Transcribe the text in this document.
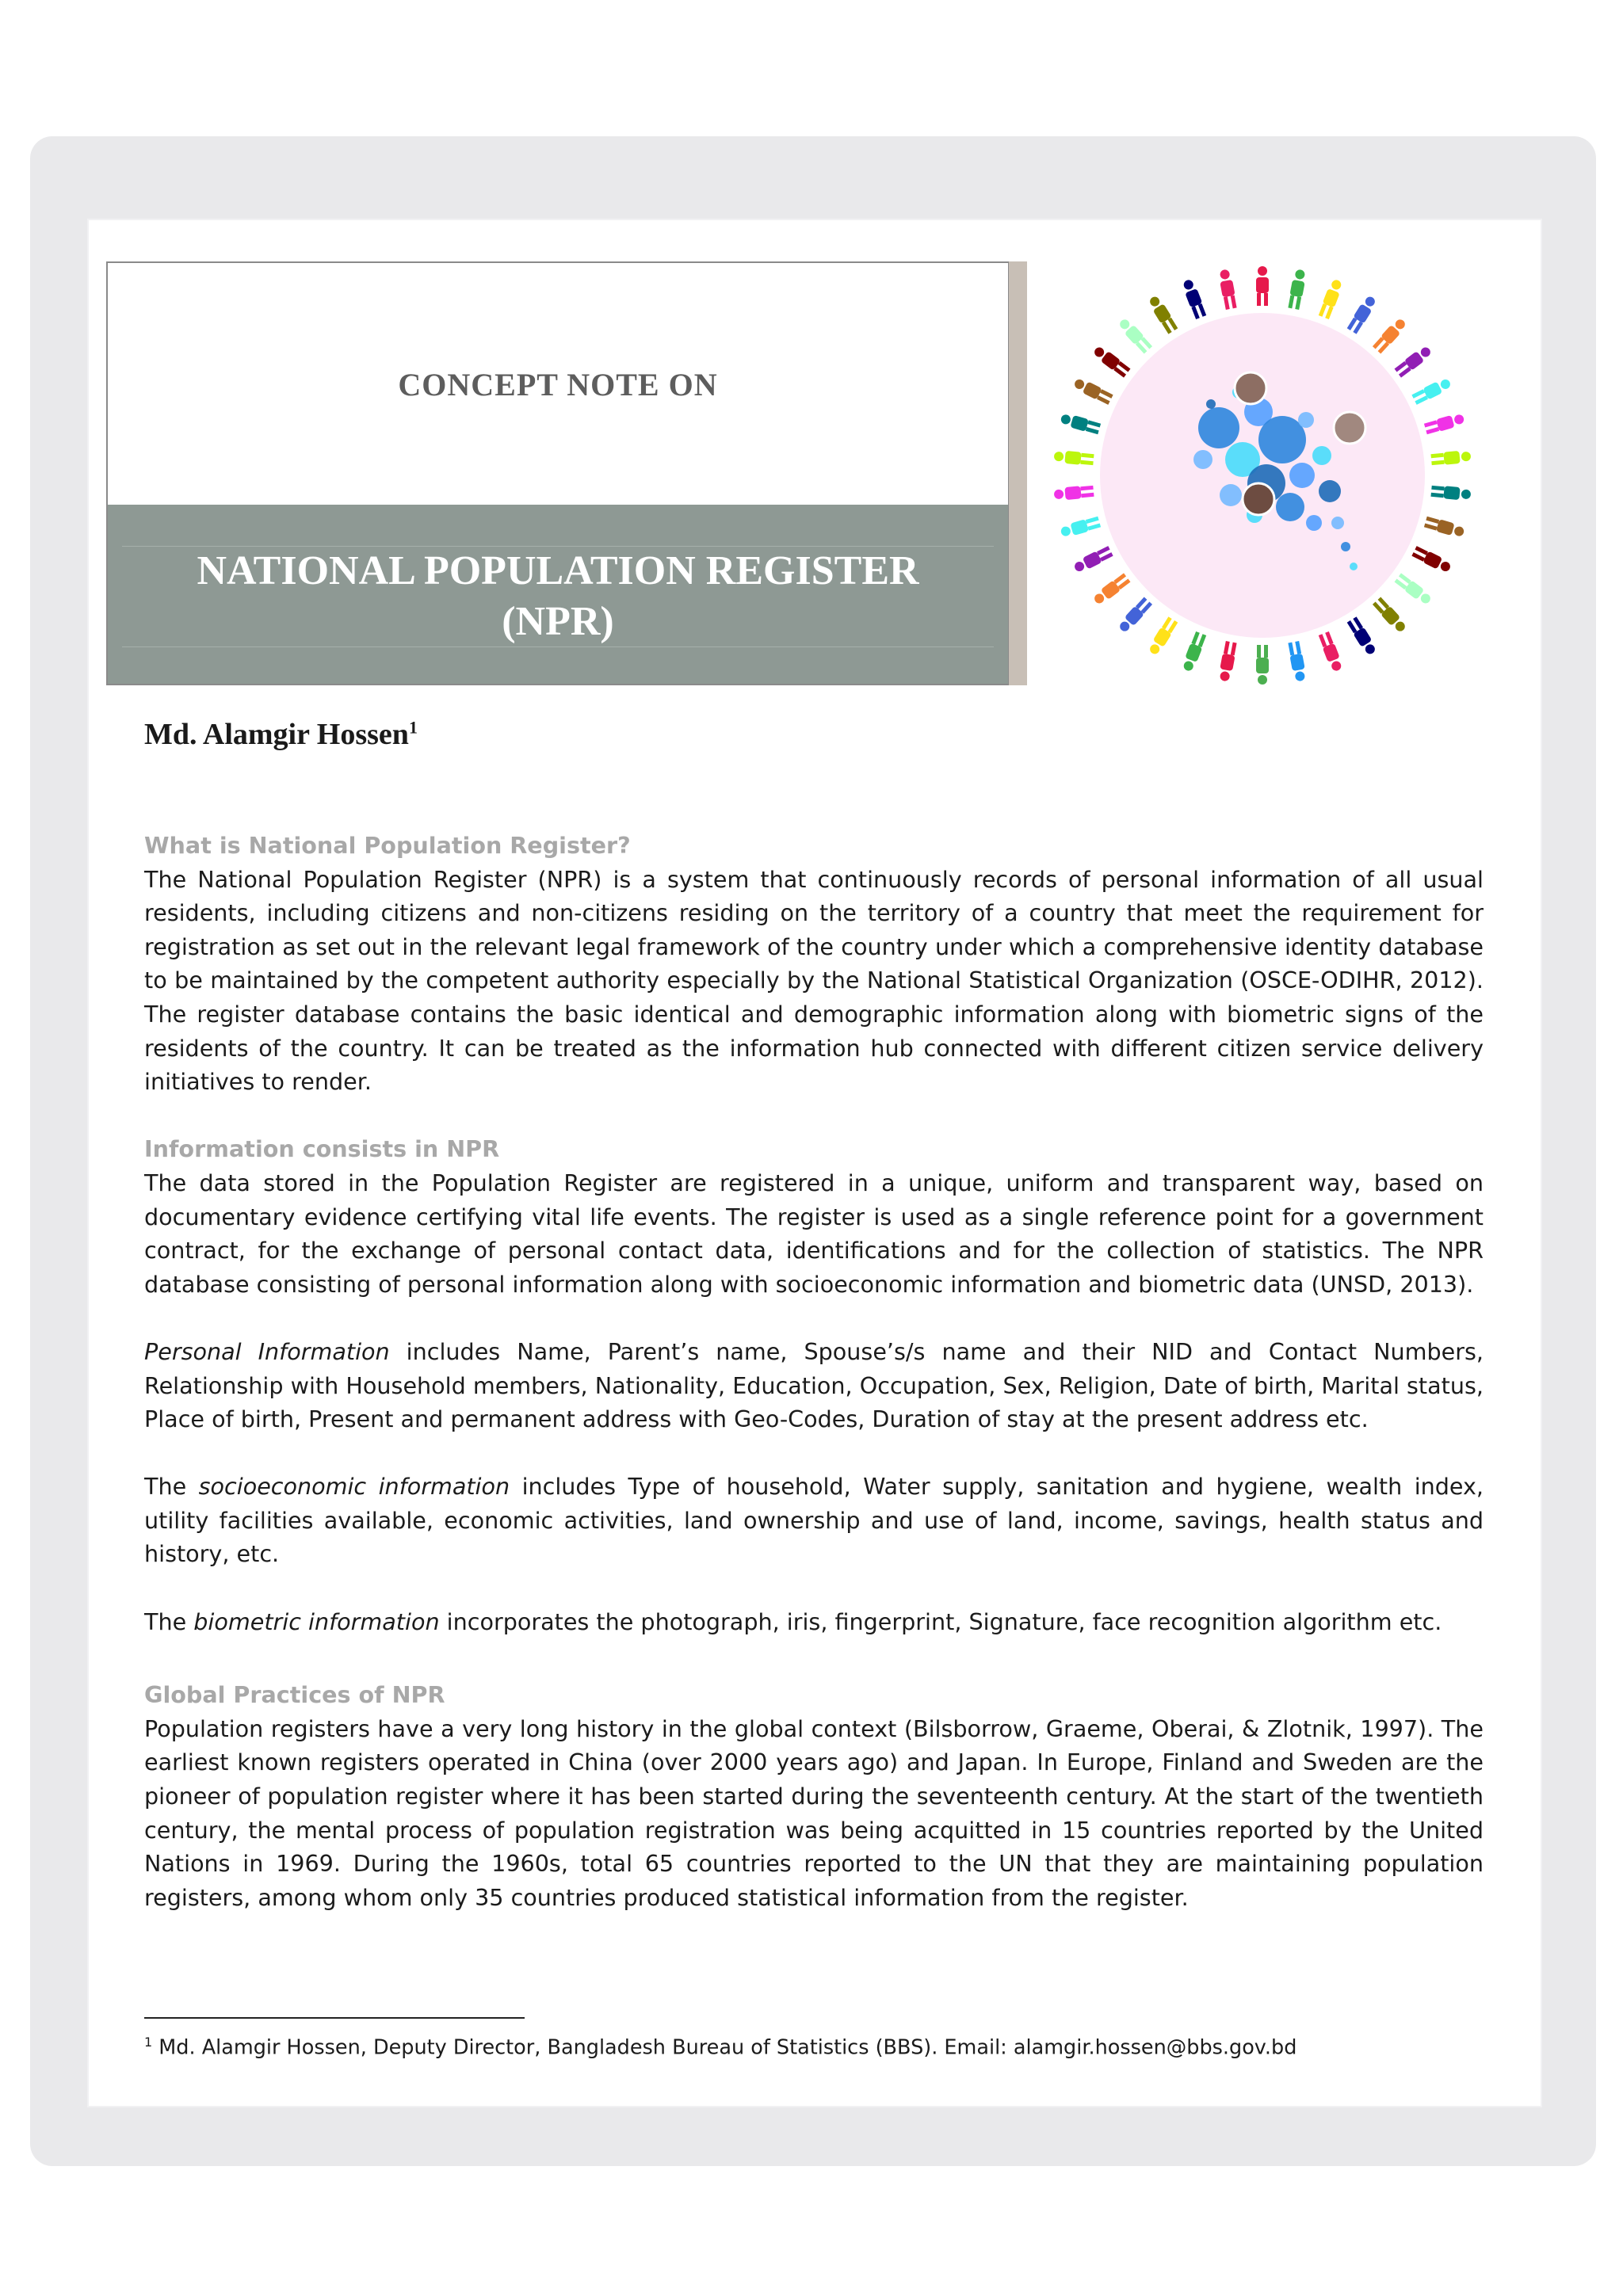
CONCEPT NOTE ON
NATIONAL POPULATION REGISTER
(NPR)
Md. Alamgir Hossen$^1$
What is National Population Register?

The National Population Register (NPR) is a system that continuously records of personal information of all usual residents, including citizens and non-citizens residing on the territory of a country that meet the requirement for registration as set out in the relevant legal framework of the country under which a comprehensive identity database to be maintained by the competent authority especially by the National Statistical Organization (OSCE-ODIHR, 2012). The register database contains the basic identical and demographic information along with biometric signs of the residents of the country. It can be treated as the information hub connected with different citizen service delivery initiatives to render.

Information consists in NPR

The data stored in the Population Register are registered in a unique, uniform and transparent way, based on documentary evidence certifying vital life events. The register is used as a single reference point for a government contract, for the exchange of personal contact data, identifications and for the collection of statistics. The NPR database consisting of personal information along with socioeconomic information and biometric data (UNSD, 2013).

Personal Information includes Name, Parent’s name, Spouse’s/s name and their NID and Contact Numbers, Relationship with Household members, Nationality, Education, Occupation, Sex, Religion, Date of birth, Marital status, Place of birth, Present and permanent address with Geo-Codes, Duration of stay at the present address etc.

The socioeconomic information includes Type of household, Water supply, sanitation and hygiene, wealth index, utility facilities available, economic activities, land ownership and use of land, income, savings, health status and history, etc.

The biometric information incorporates the photograph, iris, fingerprint, Signature, face recognition algorithm etc.

Global Practices of NPR

Population registers have a very long history in the global context (Bilsborrow, Graeme, Oberai, & Zlotnik, 1997). The earliest known registers operated in China (over 2000 years ago) and Japan. In Europe, Finland and Sweden are the pioneer of population register where it has been started during the seventeenth century. At the start of the twentieth century, the mental process of population registration was being acquitted in 15 countries reported by the United Nations in 1969. During the 1960s, total 65 countries reported to the UN that they are maintaining population registers, among whom only 35 countries produced statistical information from the register.

$^1$ Md. Alamgir Hossen, Deputy Director, Bangladesh Bureau of Statistics (BBS). Email: alamgir.hossen@bbs.gov.bd
